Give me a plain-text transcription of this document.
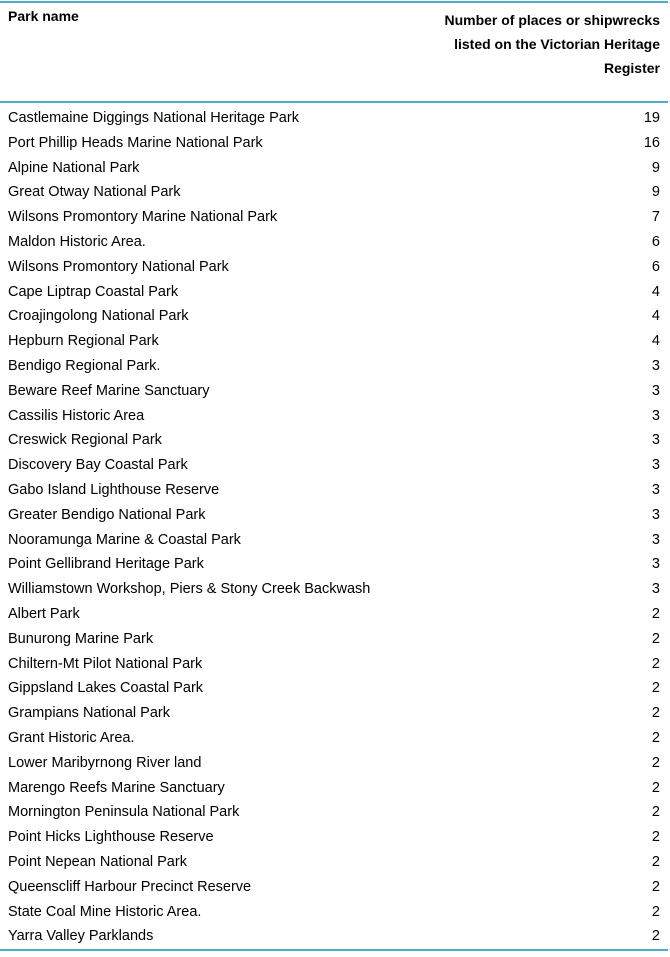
Park name	Number of places or shipwrecks
listed on the Victorian Heritage
Register
Castlemaine Diggings National Heritage Park	19
Port Phillip Heads Marine National Park	16
Alpine National Park	9
Great Otway National Park	9
Wilsons Promontory Marine National Park	7
Maldon Historic Area.	6
Wilsons Promontory National Park	6
Cape Liptrap Coastal Park	4
Croajingolong National Park	4
Hepburn Regional Park	4
Bendigo Regional Park.	3
Beware Reef Marine Sanctuary	3
Cassilis Historic Area	3
Creswick Regional Park	3
Discovery Bay Coastal Park	3
Gabo Island Lighthouse Reserve	3
Greater Bendigo National Park	3
Nooramunga Marine & Coastal Park	3
Point Gellibrand Heritage Park	3
Williamstown Workshop, Piers & Stony Creek Backwash	3
Albert Park	2
Bunurong Marine Park	2
Chiltern-Mt Pilot National Park	2
Gippsland Lakes Coastal Park	2
Grampians National Park	2
Grant Historic Area.	2
Lower Maribyrnong River land	2
Marengo Reefs Marine Sanctuary	2
Mornington Peninsula National Park	2
Point Hicks Lighthouse Reserve	2
Point Nepean National Park	2
Queenscliff Harbour Precinct Reserve	2
State Coal Mine Historic Area.	2
Yarra Valley Parklands	2
